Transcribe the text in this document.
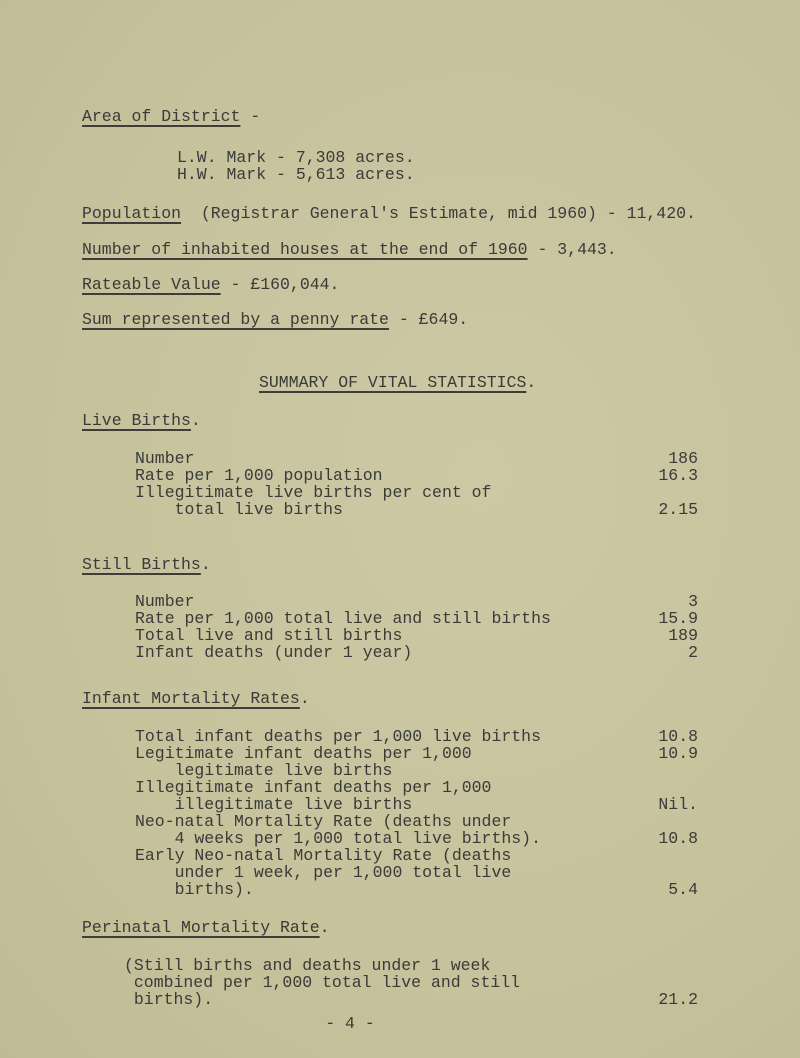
Area of District -
L.W. Mark - 7,308 acres.
H.W. Mark - 5,613 acres.
Population  (Registrar General's Estimate, mid 1960) - 11,420.
Number of inhabited houses at the end of 1960 - 3,443.
Rateable Value - £160,044.
Sum represented by a penny rate - £649.
SUMMARY OF VITAL STATISTICS.
Live Births.
Number	186
Rate per 1,000 population	16.3
Illegitimate live births per cent of
total live births	2.15
Still Births.
Number	3
Rate per 1,000 total live and still births	15.9
Total live and still births	189
Infant deaths (under 1 year)	2
Infant Mortality Rates.
Total infant deaths per 1,000 live births	10.8
Legitimate infant deaths per 1,000	10.9
legitimate live births
Illegitimate infant deaths per 1,000
illegitimate live births	Nil.
Neo-natal Mortality Rate (deaths under
4 weeks per 1,000 total live births).	10.8
Early Neo-natal Mortality Rate (deaths
under 1 week, per 1,000 total live
births).	5.4
Perinatal Mortality Rate.
(Still births and deaths under 1 week
combined per 1,000 total live and still
births).	21.2
- 4 -
